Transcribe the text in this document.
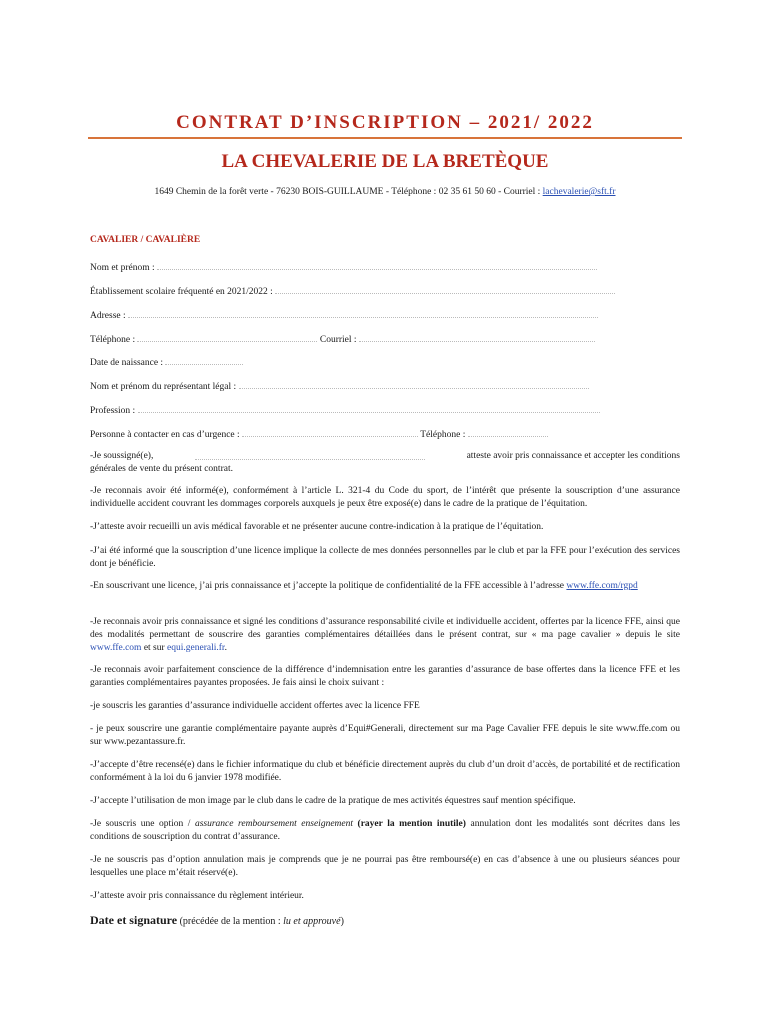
CONTRAT D’INSCRIPTION – 2021/ 2022
LA CHEVALERIE DE LA BRETÈQUE
1649 Chemin de la forêt verte - 76230 BOIS-GUILLAUME - Téléphone : 02 35 61 50 60 - Courriel : lachevalerie@sft.fr
CAVALIER / CAVALIÈRE
Nom et prénom :
Établissement scolaire fréquenté en 2021/2022 :
Adresse :
Téléphone :	Courriel :
Date de naissance :
Nom et prénom du représentant légal :
Profession :
Personne à contacter en cas d’urgence :	Téléphone :
-Je soussigné(e),	atteste avoir pris connaissance et accepter les conditions
générales de vente du présent contrat.
-Je reconnais avoir été informé(e), conformément à l’article L. 321-4 du Code du sport, de l’intérêt que présente la souscription d’une assurance individuelle accident couvrant les dommages corporels auxquels je peux être exposé(e) dans le cadre de la pratique de l’équitation.
-J’atteste avoir recueilli un avis médical favorable et ne présenter aucune contre-indication à la pratique de l’équitation.
-J’ai été informé que la souscription d’une licence implique la collecte de mes données personnelles par le club et par la FFE pour l’exécution des services dont je bénéficie.
-En souscrivant une licence, j’ai pris connaissance et j’accepte la politique de confidentialité de la FFE accessible à l’adresse www.ffe.com/rgpd
-Je reconnais avoir pris connaissance et signé les conditions d’assurance responsabilité civile et individuelle accident, offertes par la licence FFE, ainsi que des modalités permettant de souscrire des garanties complémentaires détaillées dans le présent contrat, sur « ma page cavalier » depuis le site www.ffe.com et sur equi.generali.fr.
-Je reconnais avoir parfaitement conscience de la différence d’indemnisation entre les garanties d’assurance de base offertes dans la licence FFE et les garanties complémentaires payantes proposées. Je fais ainsi le choix suivant :
-je souscris les garanties d’assurance individuelle accident offertes avec la licence FFE
- je peux souscrire une garantie complémentaire payante auprès d’Equi#Generali, directement sur ma Page Cavalier FFE depuis le site www.ffe.com ou sur www.pezantassure.fr.
-J’accepte d’être recensé(e) dans le fichier informatique du club et bénéficie directement auprès du club d’un droit d’accès, de portabilité et de rectification conformément à la loi du 6 janvier 1978 modifiée.
-J’accepte l’utilisation de mon image par le club dans le cadre de la pratique de mes activités équestres sauf mention spécifique.
-Je souscris une option / assurance remboursement enseignement (rayer la mention inutile) annulation dont les modalités sont décrites dans les conditions de souscription du contrat d’assurance.
-Je ne souscris pas d’option annulation mais je comprends que je ne pourrai pas être remboursé(e) en cas d’absence à une ou plusieurs séances pour lesquelles une place m’était réservé(e).
-J’atteste avoir pris connaissance du règlement intérieur.
Date et signature (précédée de la mention : lu et approuvé)
